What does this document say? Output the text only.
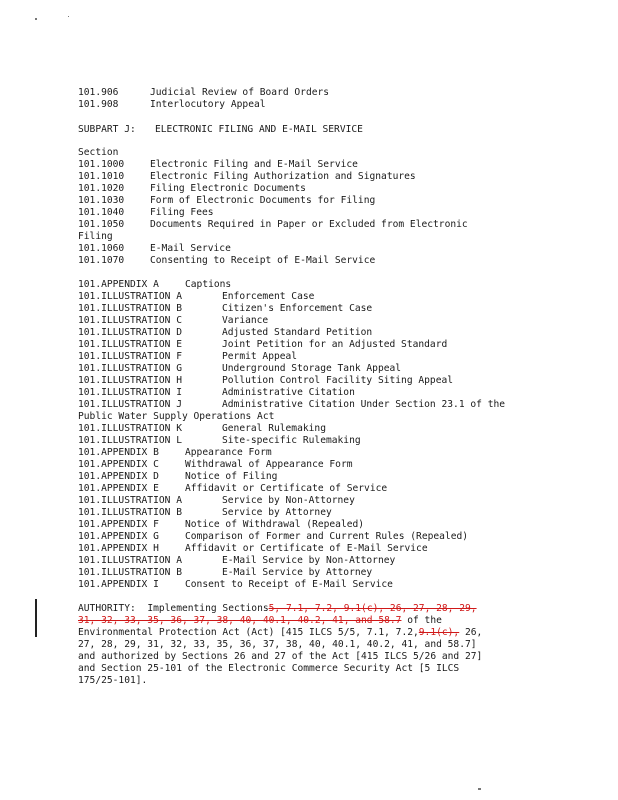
101.906	Judicial Review of Board Orders
101.908	Interlocutory Appeal
SUBPART J: ELECTRONIC FILING AND E-MAIL SERVICE
Section
101.1000	Electronic Filing and E-Mail Service
101.1010	Electronic Filing Authorization and Signatures
101.1020	Filing Electronic Documents
101.1030	Form of Electronic Documents for Filing
101.1040	Filing Fees
101.1050	Documents Required in Paper or Excluded from Electronic
Filing
101.1060	E-Mail Service
101.1070	Consenting to Receipt of E-Mail Service
101.APPENDIX A	Captions
101.ILLUSTRATION A	Enforcement Case
101.ILLUSTRATION B	Citizen's Enforcement Case
101.ILLUSTRATION C	Variance
101.ILLUSTRATION D	Adjusted Standard Petition
101.ILLUSTRATION E	Joint Petition for an Adjusted Standard
101.ILLUSTRATION F	Permit Appeal
101.ILLUSTRATION G	Underground Storage Tank Appeal
101.ILLUSTRATION H	Pollution Control Facility Siting Appeal
101.ILLUSTRATION I	Administrative Citation
101.ILLUSTRATION J	Administrative Citation Under Section 23.1 of the
Public Water Supply Operations Act
101.ILLUSTRATION K	General Rulemaking
101.ILLUSTRATION L	Site-specific Rulemaking
101.APPENDIX B	Appearance Form
101.APPENDIX C	Withdrawal of Appearance Form
101.APPENDIX D	Notice of Filing
101.APPENDIX E	Affidavit or Certificate of Service
101.ILLUSTRATION A	Service by Non-Attorney
101.ILLUSTRATION B	Service by Attorney
101.APPENDIX F	Notice of Withdrawal (Repealed)
101.APPENDIX G	Comparison of Former and Current Rules (Repealed)
101.APPENDIX H	Affidavit or Certificate of E-Mail Service
101.ILLUSTRATION A	E-Mail Service by Non-Attorney
101.ILLUSTRATION B	E-Mail Service by Attorney
101.APPENDIX I	Consent to Receipt of E-Mail Service
AUTHORITY: Implementing Sections5, 7.1, 7.2, 9.1(c), 26, 27, 28, 29,
31, 32, 33, 35, 36, 37, 38, 40, 40.1, 40.2, 41, and 58.7 of the
Environmental Protection Act (Act) [415 ILCS 5/5, 7.1, 7.2,9.1(c), 26,
27, 28, 29, 31, 32, 33, 35, 36, 37, 38, 40, 40.1, 40.2, 41, and 58.7]
and authorized by Sections 26 and 27 of the Act [415 ILCS 5/26 and 27]
and Section 25-101 of the Electronic Commerce Security Act [5 ILCS
175/25-101].
